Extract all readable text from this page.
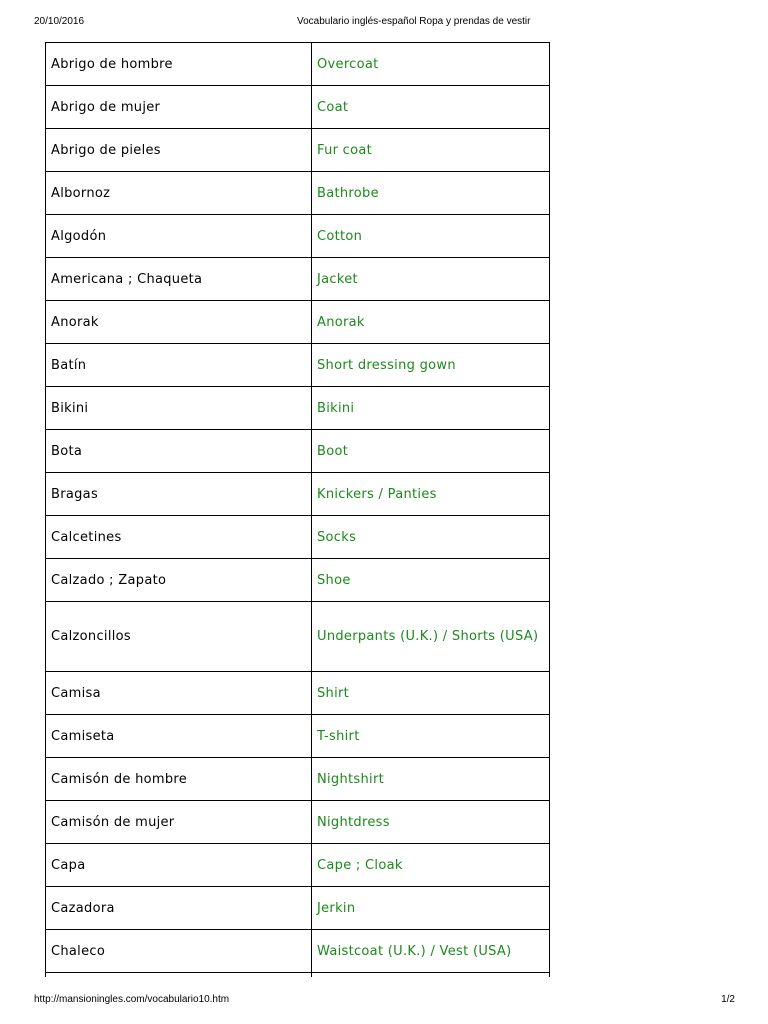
20/10/2016	Vocabulario inglés-español Ropa y prendas de vestir
Abrigo de hombre	Overcoat
Abrigo de mujer	Coat
Abrigo de pieles	Fur coat
Albornoz	Bathrobe
Algodón	Cotton
Americana ; Chaqueta	Jacket
Anorak	Anorak
Batín	Short dressing gown
Bikini	Bikini
Bota	Boot
Bragas	Knickers / Panties
Calcetines	Socks
Calzado ; Zapato	Shoe
Calzoncillos	Underpants (U.K.) / Shorts (USA)
Camisa	Shirt
Camiseta	T-shirt
Camisón de hombre	Nightshirt
Camisón de mujer	Nightdress
Capa	Cape ; Cloak
Cazadora	Jerkin
Chaleco	Waistcoat (U.K.) / Vest (USA)

http://mansioningles.com/vocabulario10.htm	1/2
